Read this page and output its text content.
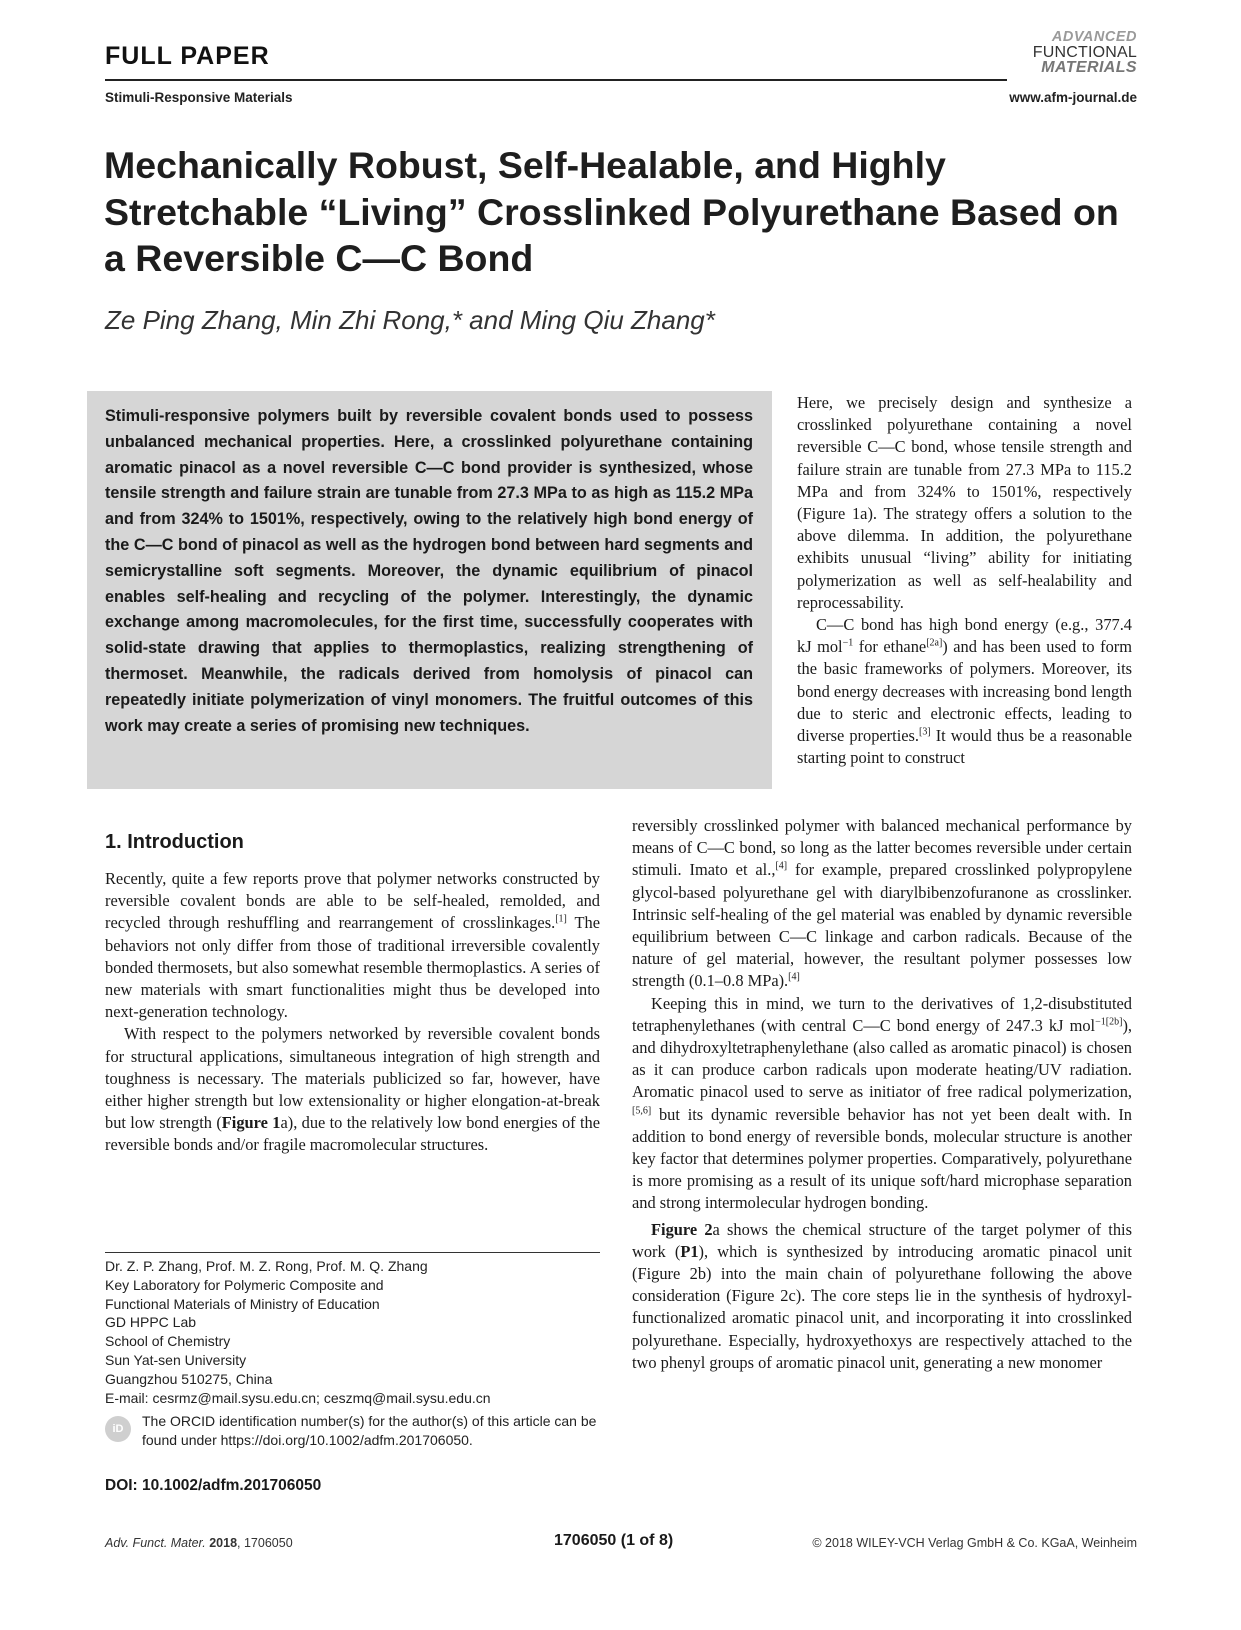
FULL PAPER
Stimuli-Responsive Materials
ADVANCED
FUNCTIONAL
MATERIALS
www.afm-journal.de
Mechanically Robust, Self-Healable, and Highly Stretchable “Living” Crosslinked Polyurethane Based on a Reversible C—C Bond
Ze Ping Zhang, Min Zhi Rong,* and Ming Qiu Zhang*

Stimuli-responsive polymers built by reversible covalent bonds used to possess unbalanced mechanical properties. Here, a crosslinked polyurethane containing aromatic pinacol as a novel reversible C—C bond provider is synthesized, whose tensile strength and failure strain are tunable from 27.3 MPa to as high as 115.2 MPa and from 324% to 1501%, respectively, owing to the relatively high bond energy of the C—C bond of pinacol as well as the hydrogen bond between hard segments and semicrystalline soft segments. Moreover, the dynamic equilibrium of pinacol enables self-healing and recycling of the polymer. Interestingly, the dynamic exchange among macromolecules, for the first time, successfully cooperates with solid-state drawing that applies to thermoplastics, realizing strengthening of thermoset. Meanwhile, the radicals derived from homolysis of pinacol can repeatedly initiate polymerization of vinyl monomers. The fruitful outcomes of this work may create a series of promising new techniques.

Here, we precisely design and synthesize a crosslinked polyurethane containing a novel reversible C—C bond, whose tensile strength and failure strain are tunable from 27.3 MPa to 115.2 MPa and from 324% to 1501%, respectively (Figure 1a). The strategy offers a solution to the above dilemma. In addition, the polyurethane exhibits unusual “living” ability for initiating polymerization as well as self-healability and reprocessability.

C—C bond has high bond energy (e.g., 377.4 kJ mol$^{-1}$ for ethane[2a]) and has been used to form the basic frameworks of polymers. Moreover, its bond energy decreases with increasing bond length due to steric and electronic effects, leading to diverse properties.[3] It would thus be a reasonable starting point to construct

1. Introduction

Recently, quite a few reports prove that polymer networks constructed by reversible covalent bonds are able to be self-healed, remolded, and recycled through reshuffling and rearrangement of crosslinkages.[1] The behaviors not only differ from those of traditional irreversible covalently bonded thermosets, but also somewhat resemble thermoplastics. A series of new materials with smart functionalities might thus be developed into next-generation technology.

With respect to the polymers networked by reversible covalent bonds for structural applications, simultaneous integration of high strength and toughness is necessary. The materials publicized so far, however, have either higher strength but low extensionality or higher elongation-at-break but low strength (Figure 1a), due to the relatively low bond energies of the reversible bonds and/or fragile macromolecular structures.

reversibly crosslinked polymer with balanced mechanical performance by means of C—C bond, so long as the latter becomes reversible under certain stimuli. Imato et al.,[4] for example, prepared crosslinked polypropylene glycol-based polyurethane gel with diarylbibenzofuranone as crosslinker. Intrinsic self-healing of the gel material was enabled by dynamic reversible equilibrium between C—C linkage and carbon radicals. Because of the nature of gel material, however, the resultant polymer possesses low strength (0.1–0.8 MPa).[4]

Keeping this in mind, we turn to the derivatives of 1,2-disubstituted tetraphenylethanes (with central C—C bond energy of 247.3 kJ mol$^{-1[2b]}$), and dihydroxyltetraphenylethane (also called as aromatic pinacol) is chosen as it can produce carbon radicals upon moderate heating/UV radiation. Aromatic pinacol used to serve as initiator of free radical polymerization,[5,6] but its dynamic reversible behavior has not yet been dealt with. In addition to bond energy of reversible bonds, molecular structure is another key factor that determines polymer properties. Comparatively, polyurethane is more promising as a result of its unique soft/hard microphase separation and strong intermolecular hydrogen bonding.

Figure 2a shows the chemical structure of the target polymer of this work (P1), which is synthesized by introducing aromatic pinacol unit (Figure 2b) into the main chain of polyurethane following the above consideration (Figure 2c). The core steps lie in the synthesis of hydroxyl-functionalized aromatic pinacol unit, and incorporating it into crosslinked polyurethane. Especially, hydroxyethoxys are respectively attached to the two phenyl groups of aromatic pinacol unit, generating a new monomer

Dr. Z. P. Zhang, Prof. M. Z. Rong, Prof. M. Q. Zhang
Key Laboratory for Polymeric Composite and
Functional Materials of Ministry of Education
GD HPPC Lab
School of Chemistry
Sun Yat-sen University
Guangzhou 510275, China
E-mail: cesrmz@mail.sysu.edu.cn; ceszmq@mail.sysu.edu.cn
iD	The ORCID identification number(s) for the author(s) of this article can be found under https://doi.org/10.1002/adfm.201706050.
DOI: 10.1002/adfm.201706050
Adv. Funct. Mater. 2018, 1706050	1706050 (1 of 8)	© 2018 WILEY-VCH Verlag GmbH & Co. KGaA, Weinheim
